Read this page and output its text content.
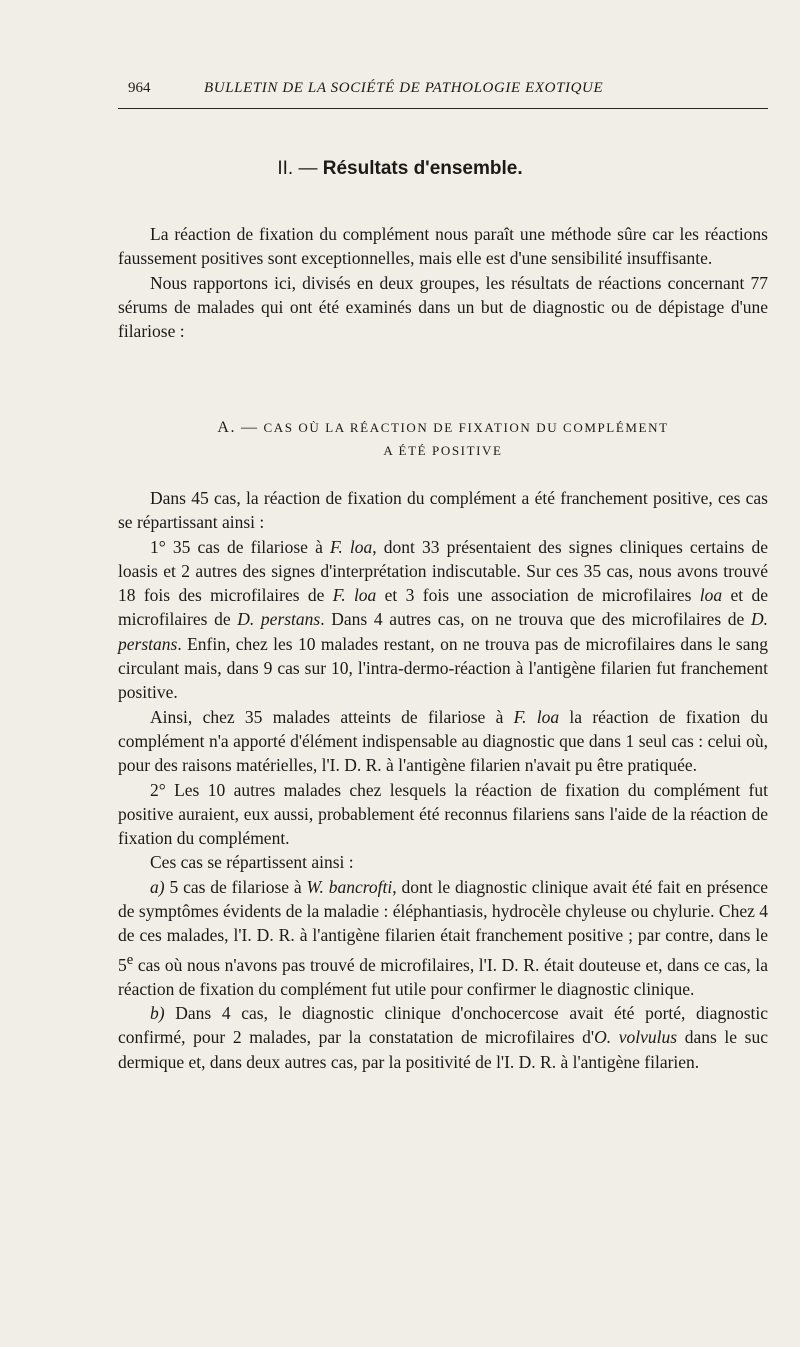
964	BULLETIN DE LA SOCIÉTÉ DE PATHOLOGIE EXOTIQUE
II. — Résultats d'ensemble.

La réaction de fixation du complément nous paraît une méthode sûre car les réactions faussement positives sont exceptionnelles, mais elle est d'une sensibilité insuffisante.

Nous rapportons ici, divisés en deux groupes, les résultats de réactions concernant 77 sérums de malades qui ont été examinés dans un but de diagnostic ou de dépistage d'une filariose :

A. — CAS OÙ LA RÉACTION DE FIXATION DU COMPLÉMENT
A ÉTÉ POSITIVE

Dans 45 cas, la réaction de fixation du complément a été franchement positive, ces cas se répartissant ainsi :

1° 35 cas de filariose à F. loa, dont 33 présentaient des signes cliniques certains de loasis et 2 autres des signes d'interprétation indiscutable. Sur ces 35 cas, nous avons trouvé 18 fois des microfilaires de F. loa et 3 fois une association de microfilaires loa et de microfilaires de D. perstans. Dans 4 autres cas, on ne trouva que des microfilaires de D. perstans. Enfin, chez les 10 malades restant, on ne trouva pas de microfilaires dans le sang circulant mais, dans 9 cas sur 10, l'intra-dermo-réaction à l'antigène filarien fut franchement positive.

Ainsi, chez 35 malades atteints de filariose à F. loa la réaction de fixation du complément n'a apporté d'élément indispensable au diagnostic que dans 1 seul cas : celui où, pour des raisons matérielles, l'I. D. R. à l'antigène filarien n'avait pu être pratiquée.

2° Les 10 autres malades chez lesquels la réaction de fixation du complément fut positive auraient, eux aussi, probablement été reconnus filariens sans l'aide de la réaction de fixation du complément.

Ces cas se répartissent ainsi :

a) 5 cas de filariose à W. bancrofti, dont le diagnostic clinique avait été fait en présence de symptômes évidents de la maladie : éléphantiasis, hydrocèle chyleuse ou chylurie. Chez 4 de ces malades, l'I. D. R. à l'antigène filarien était franchement positive ; par contre, dans le 5e cas où nous n'avons pas trouvé de microfilaires, l'I. D. R. était douteuse et, dans ce cas, la réaction de fixation du complément fut utile pour confirmer le diagnostic clinique.

b) Dans 4 cas, le diagnostic clinique d'onchocercose avait été porté, diagnostic confirmé, pour 2 malades, par la constatation de microfilaires d'O. volvulus dans le suc dermique et, dans deux autres cas, par la positivité de l'I. D. R. à l'antigène filarien.
